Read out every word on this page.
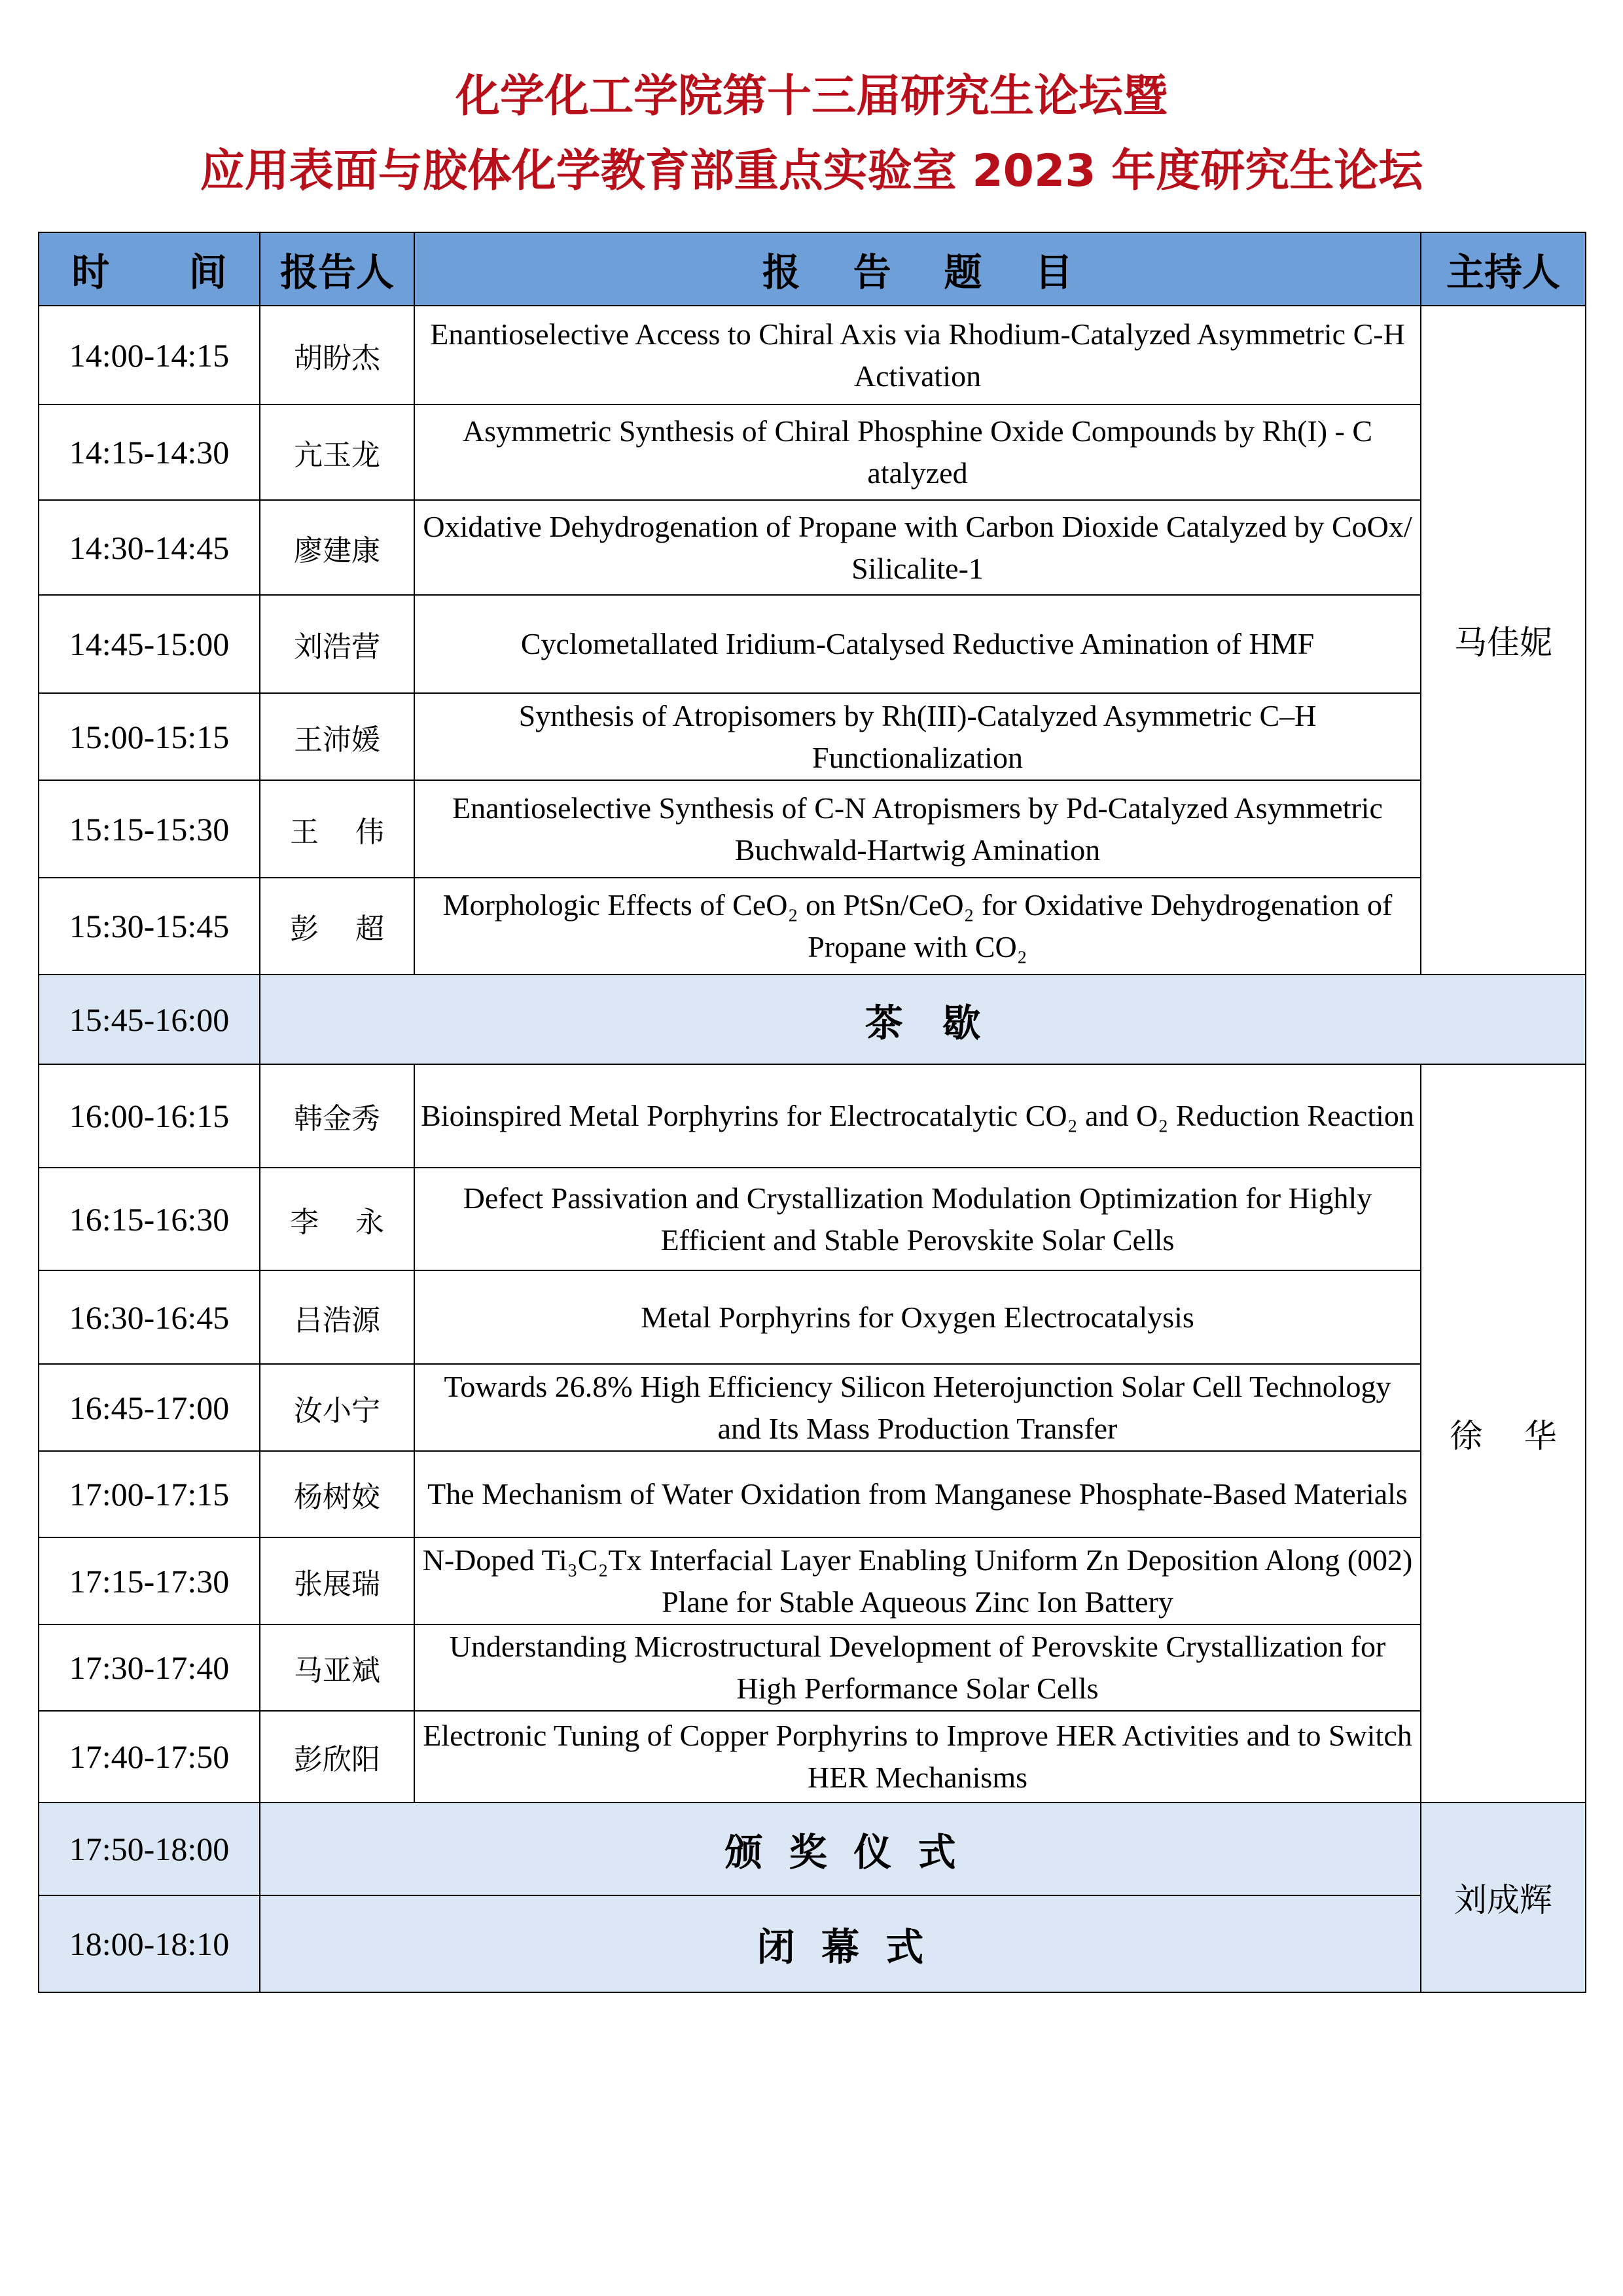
化学化工学院第十三届研究生论坛暨
应用表面与胶体化学教育部重点实验室 2023 年度研究生论坛
时      间	报告人	报    告    题    目	主持人
14:00-14:15	胡盼杰	Enantioselective Access to Chiral Axis via Rhodium-Catalyzed Asymmetric C-H Activation	马佳妮
14:15-14:30	亢玉龙	Asymmetric Synthesis of Chiral Phosphine Oxide Compounds by Rh(I) - C atalyzed	
14:30-14:45	廖建康	Oxidative Dehydrogenation of Propane with Carbon Dioxide Catalyzed by CoOx/ Silicalite-1	
14:45-15:00	刘浩营	Cyclometallated Iridium-Catalysed Reductive Amination of HMF	
15:00-15:15	王沛媛	Synthesis of Atropisomers by Rh(III)-Catalyzed Asymmetric C–H Functionalization	
15:15-15:30	王    伟	Enantioselective Synthesis of C-N Atropismers by Pd-Catalyzed Asymmetric Buchwald-Hartwig Amination	
15:30-15:45	彭    超	Morphologic Effects of CeO₂ on PtSn/CeO₂ for Oxidative Dehydrogenation of Propane with CO₂	
15:45-16:00	茶   歇		
16:00-16:15	韩金秀	Bioinspired Metal Porphyrins for Electrocatalytic CO₂ and O₂ Reduction Reaction	徐    华
16:15-16:30	李    永	Defect Passivation and Crystallization Modulation Optimization for Highly Efficient and Stable Perovskite Solar Cells	
16:30-16:45	吕浩源	Metal Porphyrins for Oxygen Electrocatalysis	
16:45-17:00	汝小宁	Towards 26.8% High Efficiency Silicon Heterojunction Solar Cell Technology and Its Mass Production Transfer	
17:00-17:15	杨树姣	The Mechanism of Water Oxidation from Manganese Phosphate-Based Materials	
17:15-17:30	张展瑞	N-Doped Ti₃C₂Tx Interfacial Layer Enabling Uniform Zn Deposition Along (002) Plane for Stable Aqueous Zinc Ion Battery	
17:30-17:40	马亚斌	Understanding Microstructural Development of Perovskite Crystallization for High Performance Solar Cells	
17:40-17:50	彭欣阳	Electronic Tuning of Copper Porphyrins to Improve HER Activities and to Switch HER Mechanisms	
17:50-18:00	颁  奖  仪  式		刘成辉
18:00-18:10	闭  幕  式		
